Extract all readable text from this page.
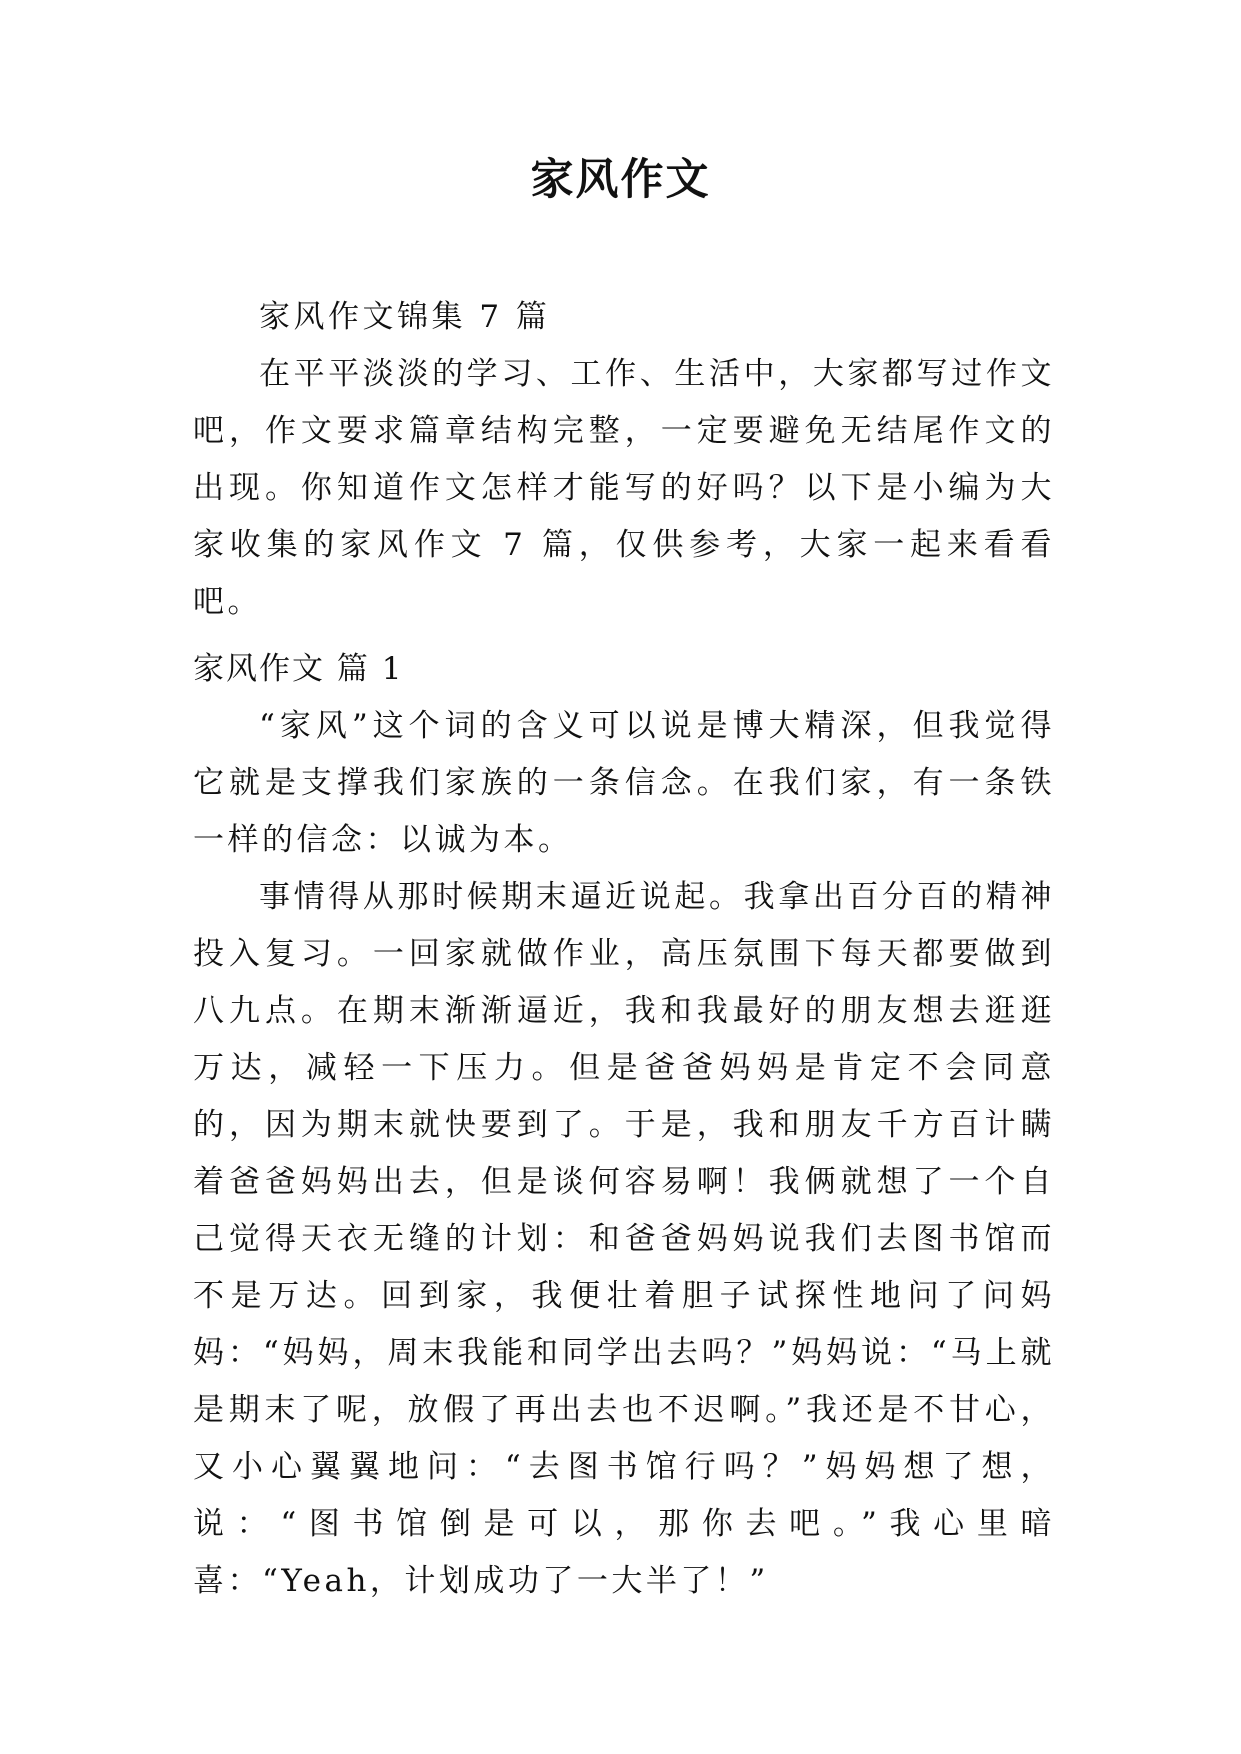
家风作文

家风作文锦集 7 篇

在平平淡淡的学习、工作、生活中，大家都写过作文吧，作文要求篇章结构完整，一定要避免无结尾作文的出现。你知道作文怎样才能写的好吗？以下是小编为大家收集的家风作文 7 篇，仅供参考，大家一起来看看吧。

家风作文 篇 1

“家风”这个词的含义可以说是博大精深，但我觉得它就是支撑我们家族的一条信念。在我们家，有一条铁一样的信念：以诚为本。

事情得从那时候期末逼近说起。我拿出百分百的精神投入复习。一回家就做作业，高压氛围下每天都要做到八九点。在期末渐渐逼近，我和我最好的朋友想去逛逛万达，减轻一下压力。但是爸爸妈妈是肯定不会同意的，因为期末就快要到了。于是，我和朋友千方百计瞒着爸爸妈妈出去，但是谈何容易啊！我俩就想了一个自己觉得天衣无缝的计划：和爸爸妈妈说我们去图书馆而不是万达。回到家，我便壮着胆子试探性地问了问妈妈：“妈妈，周末我能和同学出去吗？”妈妈说：“马上就是期末了呢，放假了再出去也不迟啊。”我还是不甘心，又小心翼翼地问：“去图书馆行吗？”妈妈想了想，说：“图书馆倒是可以，那你去吧。”我心里暗喜：“Yeah，计划成功了一大半了！”
